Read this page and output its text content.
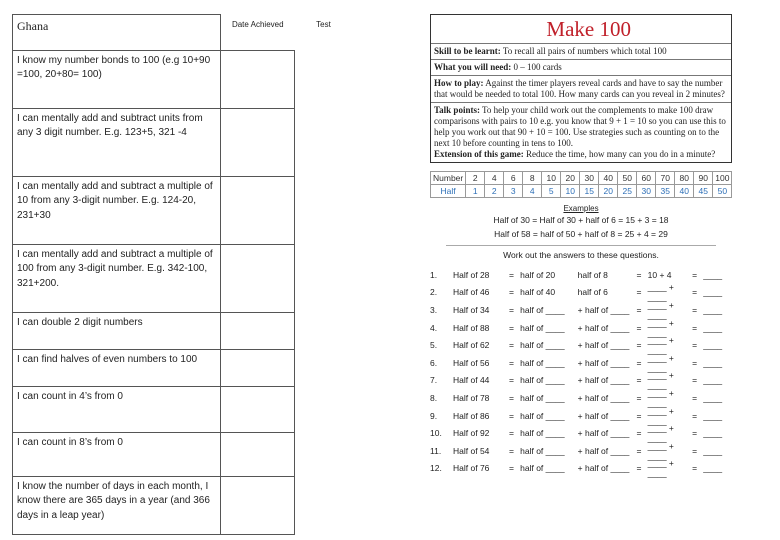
Ghana	Date Achieved	Test
I know my number bonds to 100 (e.g 10+90 =100, 20+80= 100)		
I can mentally add and subtract units from any 3 digit number. E.g. 123+5, 321 -4		
I can mentally add and subtract a multiple of 10 from any 3-digit number. E.g. 124-20, 231+30		
I can mentally add and subtract a multiple of 100 from any 3-digit number. E.g. 342-100, 321+200.		
I can double 2 digit numbers		
I can find halves of even numbers to 100		
I can count in 4’s from 0		
I can count in 8’s from 0		
I know the number of days in each month, I know there are 365 days in a year (and 366 days in a leap year)		
Make 100
Skill to be learnt: To recall all pairs of numbers which total 100
What you will need: 0 – 100 cards
How to play: Against the timer players reveal cards and have to say the number that would be needed to total 100. How many cards can you reveal in 2 minutes?
Talk points: To help your child work out the complements to make 100 draw comparisons with pairs to 10 e.g. you know that 9 + 1 = 10 so you can use this to help you work out that 90 + 10 = 100. Use strategies such as counting on to the next 10 before counting in tens to 100.
Extension of this game: Reduce the time, how many can you do in a minute?
Number	2	4	6	8	10	20	30	40	50	60	70	80	90	100
Half	1	2	3	4	5	10	15	20	25	30	35	40	45	50
Examples
Half of 30 = Half of 30 + half of 6 = 15 + 3 = 18
Half of 58 = half of 50 + half of 8 = 25 + 4 = 29
Work out the answers to these questions.
1.	Half of 28	= half of 20	half of 8	= 10 + 4	= ____
2.	Half of 46	= half of 40	half of 6	= ____ + ____	= ____
3.	Half of 34	= half of ____	+ half of ____ = ____ + ____	= ____
4.	Half of 88	= half of ____	+ half of ____ = ____ + ____	= ____
5.	Half of 62	= half of ____	+ half of ____ = ____ + ____	= ____
6.	Half of 56	= half of ____	+ half of ____ = ____ + ____	= ____
7.	Half of 44	= half of ____	+ half of ____ = ____ + ____	= ____
8.	Half of 78	= half of ____	+ half of ____ = ____ + ____	= ____
9.	Half of 86	= half of ____	+ half of ____ = ____ + ____	= ____
10.	Half of 92	= half of ____	+ half of ____ = ____ + ____	= ____
11.	Half of 54	= half of ____	+ half of ____ = ____ + ____	= ____
12.	Half of 76	= half of ____	+ half of ____ = ____ + ____	= ____
